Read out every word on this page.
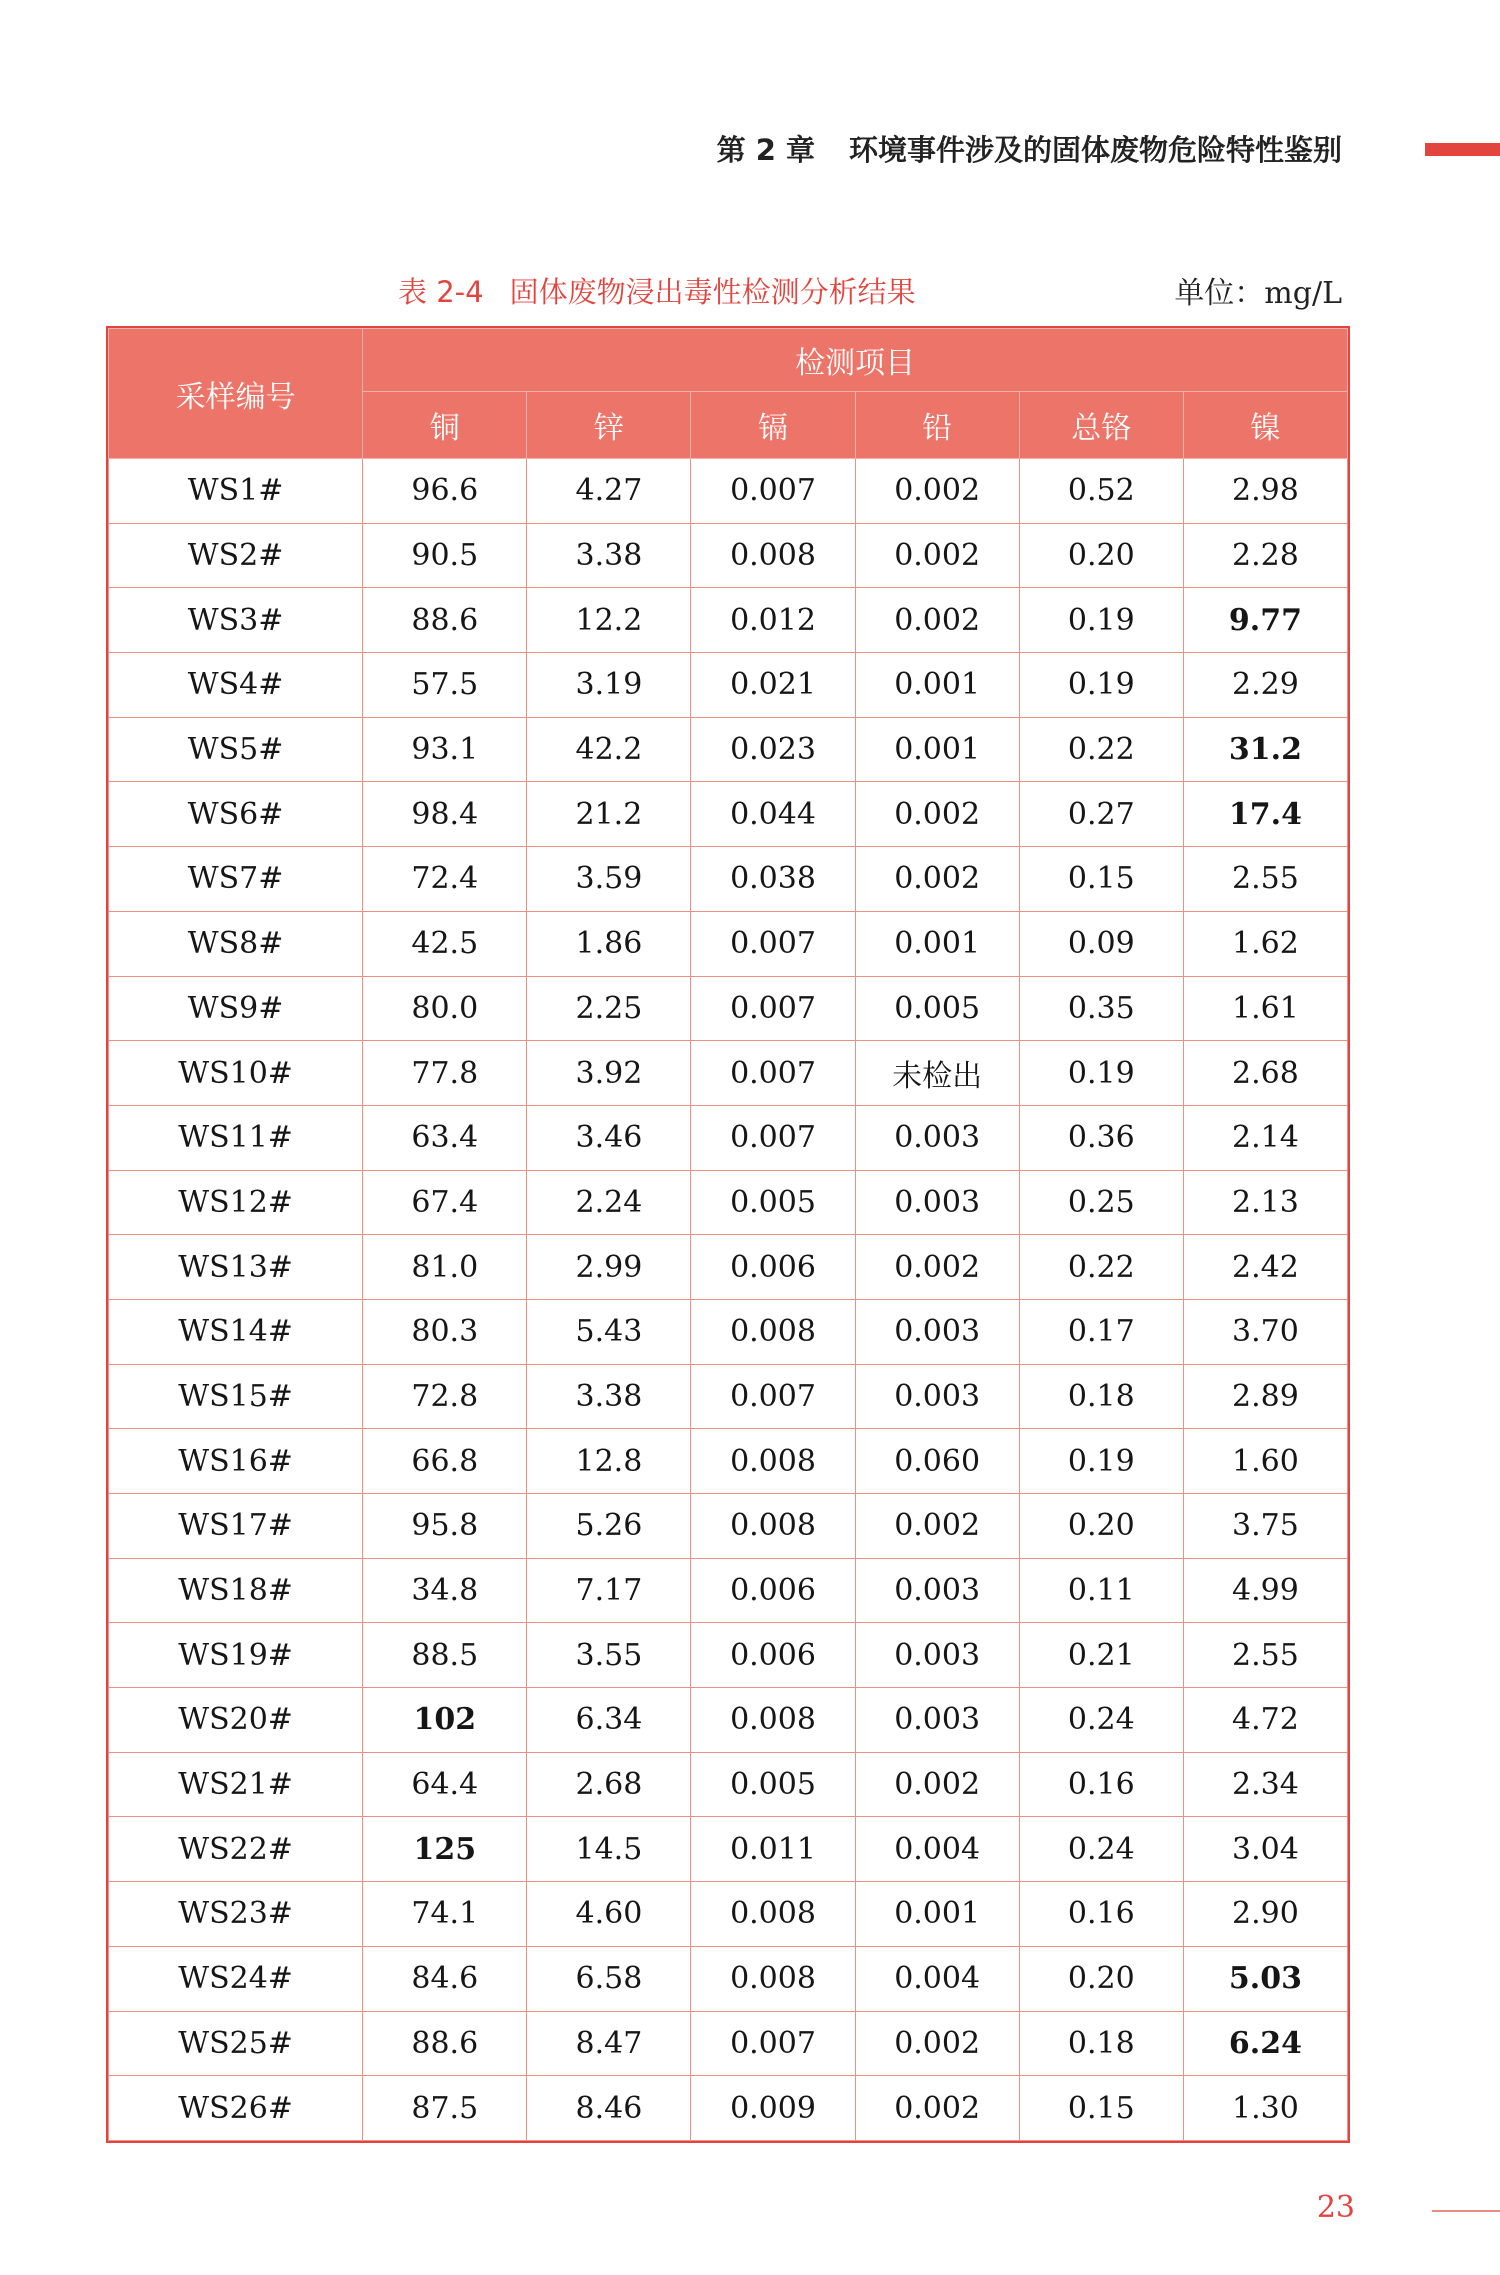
第 2 章 环境事件涉及的固体废物危险特性鉴别
表 2-4 固体废物浸出毒性检测分析结果	单位：mg/L
采样编号	检测项目					
	铜	锌	镉	铅	总铬	镍
WS1#	96.6	4.27	0.007	0.002	0.52	2.98
WS2#	90.5	3.38	0.008	0.002	0.20	2.28
WS3#	88.6	12.2	0.012	0.002	0.19	9.77
WS4#	57.5	3.19	0.021	0.001	0.19	2.29
WS5#	93.1	42.2	0.023	0.001	0.22	31.2
WS6#	98.4	21.2	0.044	0.002	0.27	17.4
WS7#	72.4	3.59	0.038	0.002	0.15	2.55
WS8#	42.5	1.86	0.007	0.001	0.09	1.62
WS9#	80.0	2.25	0.007	0.005	0.35	1.61
WS10#	77.8	3.92	0.007	未检出	0.19	2.68
WS11#	63.4	3.46	0.007	0.003	0.36	2.14
WS12#	67.4	2.24	0.005	0.003	0.25	2.13
WS13#	81.0	2.99	0.006	0.002	0.22	2.42
WS14#	80.3	5.43	0.008	0.003	0.17	3.70
WS15#	72.8	3.38	0.007	0.003	0.18	2.89
WS16#	66.8	12.8	0.008	0.060	0.19	1.60
WS17#	95.8	5.26	0.008	0.002	0.20	3.75
WS18#	34.8	7.17	0.006	0.003	0.11	4.99
WS19#	88.5	3.55	0.006	0.003	0.21	2.55
WS20#	102	6.34	0.008	0.003	0.24	4.72
WS21#	64.4	2.68	0.005	0.002	0.16	2.34
WS22#	125	14.5	0.011	0.004	0.24	3.04
WS23#	74.1	4.60	0.008	0.001	0.16	2.90
WS24#	84.6	6.58	0.008	0.004	0.20	5.03
WS25#	88.6	8.47	0.007	0.002	0.18	6.24
WS26#	87.5	8.46	0.009	0.002	0.15	1.30
23
